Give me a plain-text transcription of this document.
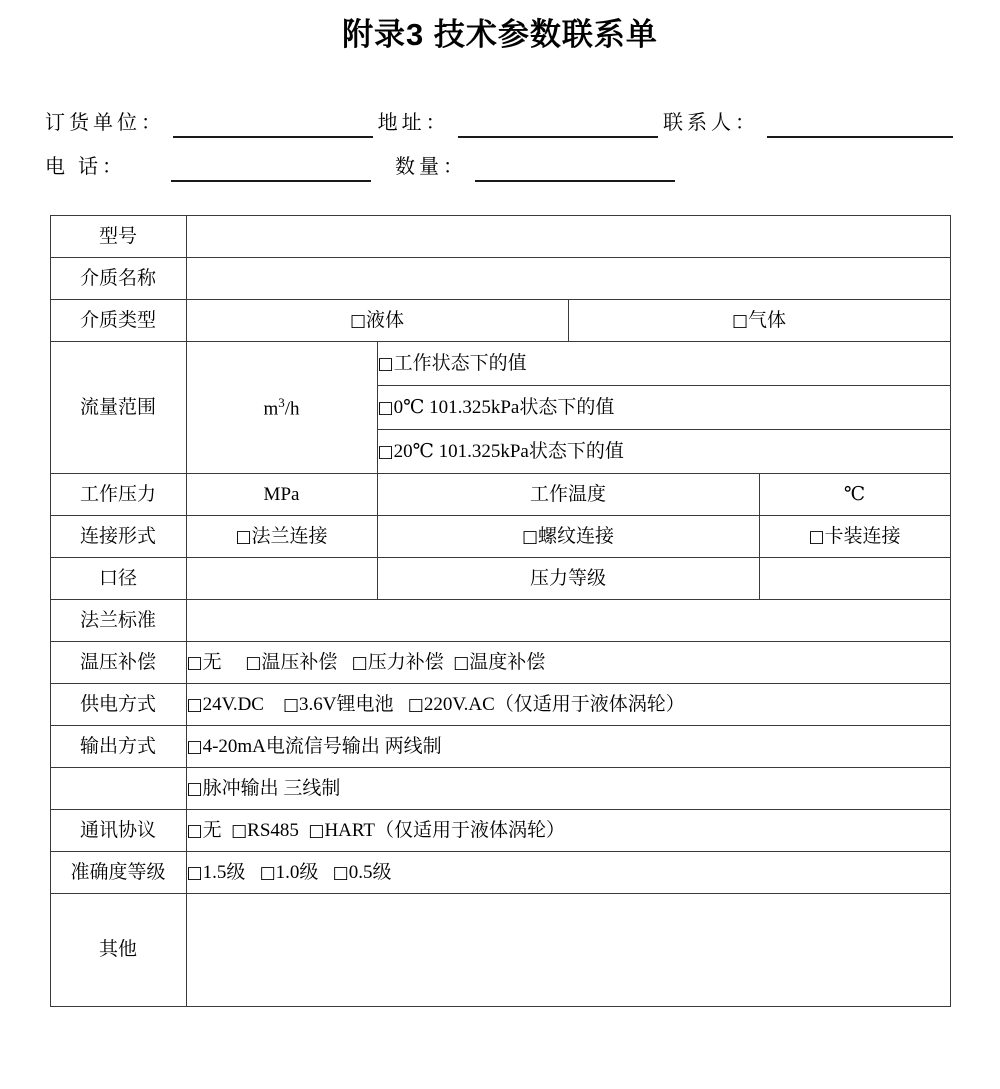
附录3 技术参数联系单
订货单位：	地址：	联系人：
电 话：	数量：
型号				
介质名称				
介质类型	□液体		□气体	
流量范围	$m^3/h$	□工作状态下的值		
		□0℃ 101.325kPa状态下的值		
		□20℃ 101.325kPa状态下的值		
工作压力	MPa	工作温度		℃
连接形式	□法兰连接	□螺纹连接		□卡装连接
口径		压力等级		
法兰标准				
温压补偿	□无 □温压补偿 □压力补偿 □温度补偿			
供电方式	□24V.DC □3.6V锂电池 □220V.AC（仅适用于液体涡轮）			
输出方式	□4-20mA电流信号输出 两线制			
	□脉冲输出 三线制			
通讯协议	□无 □RS485 □HART（仅适用于液体涡轮）			
准确度等级	□1.5级 □1.0级 □0.5级			
其他				
